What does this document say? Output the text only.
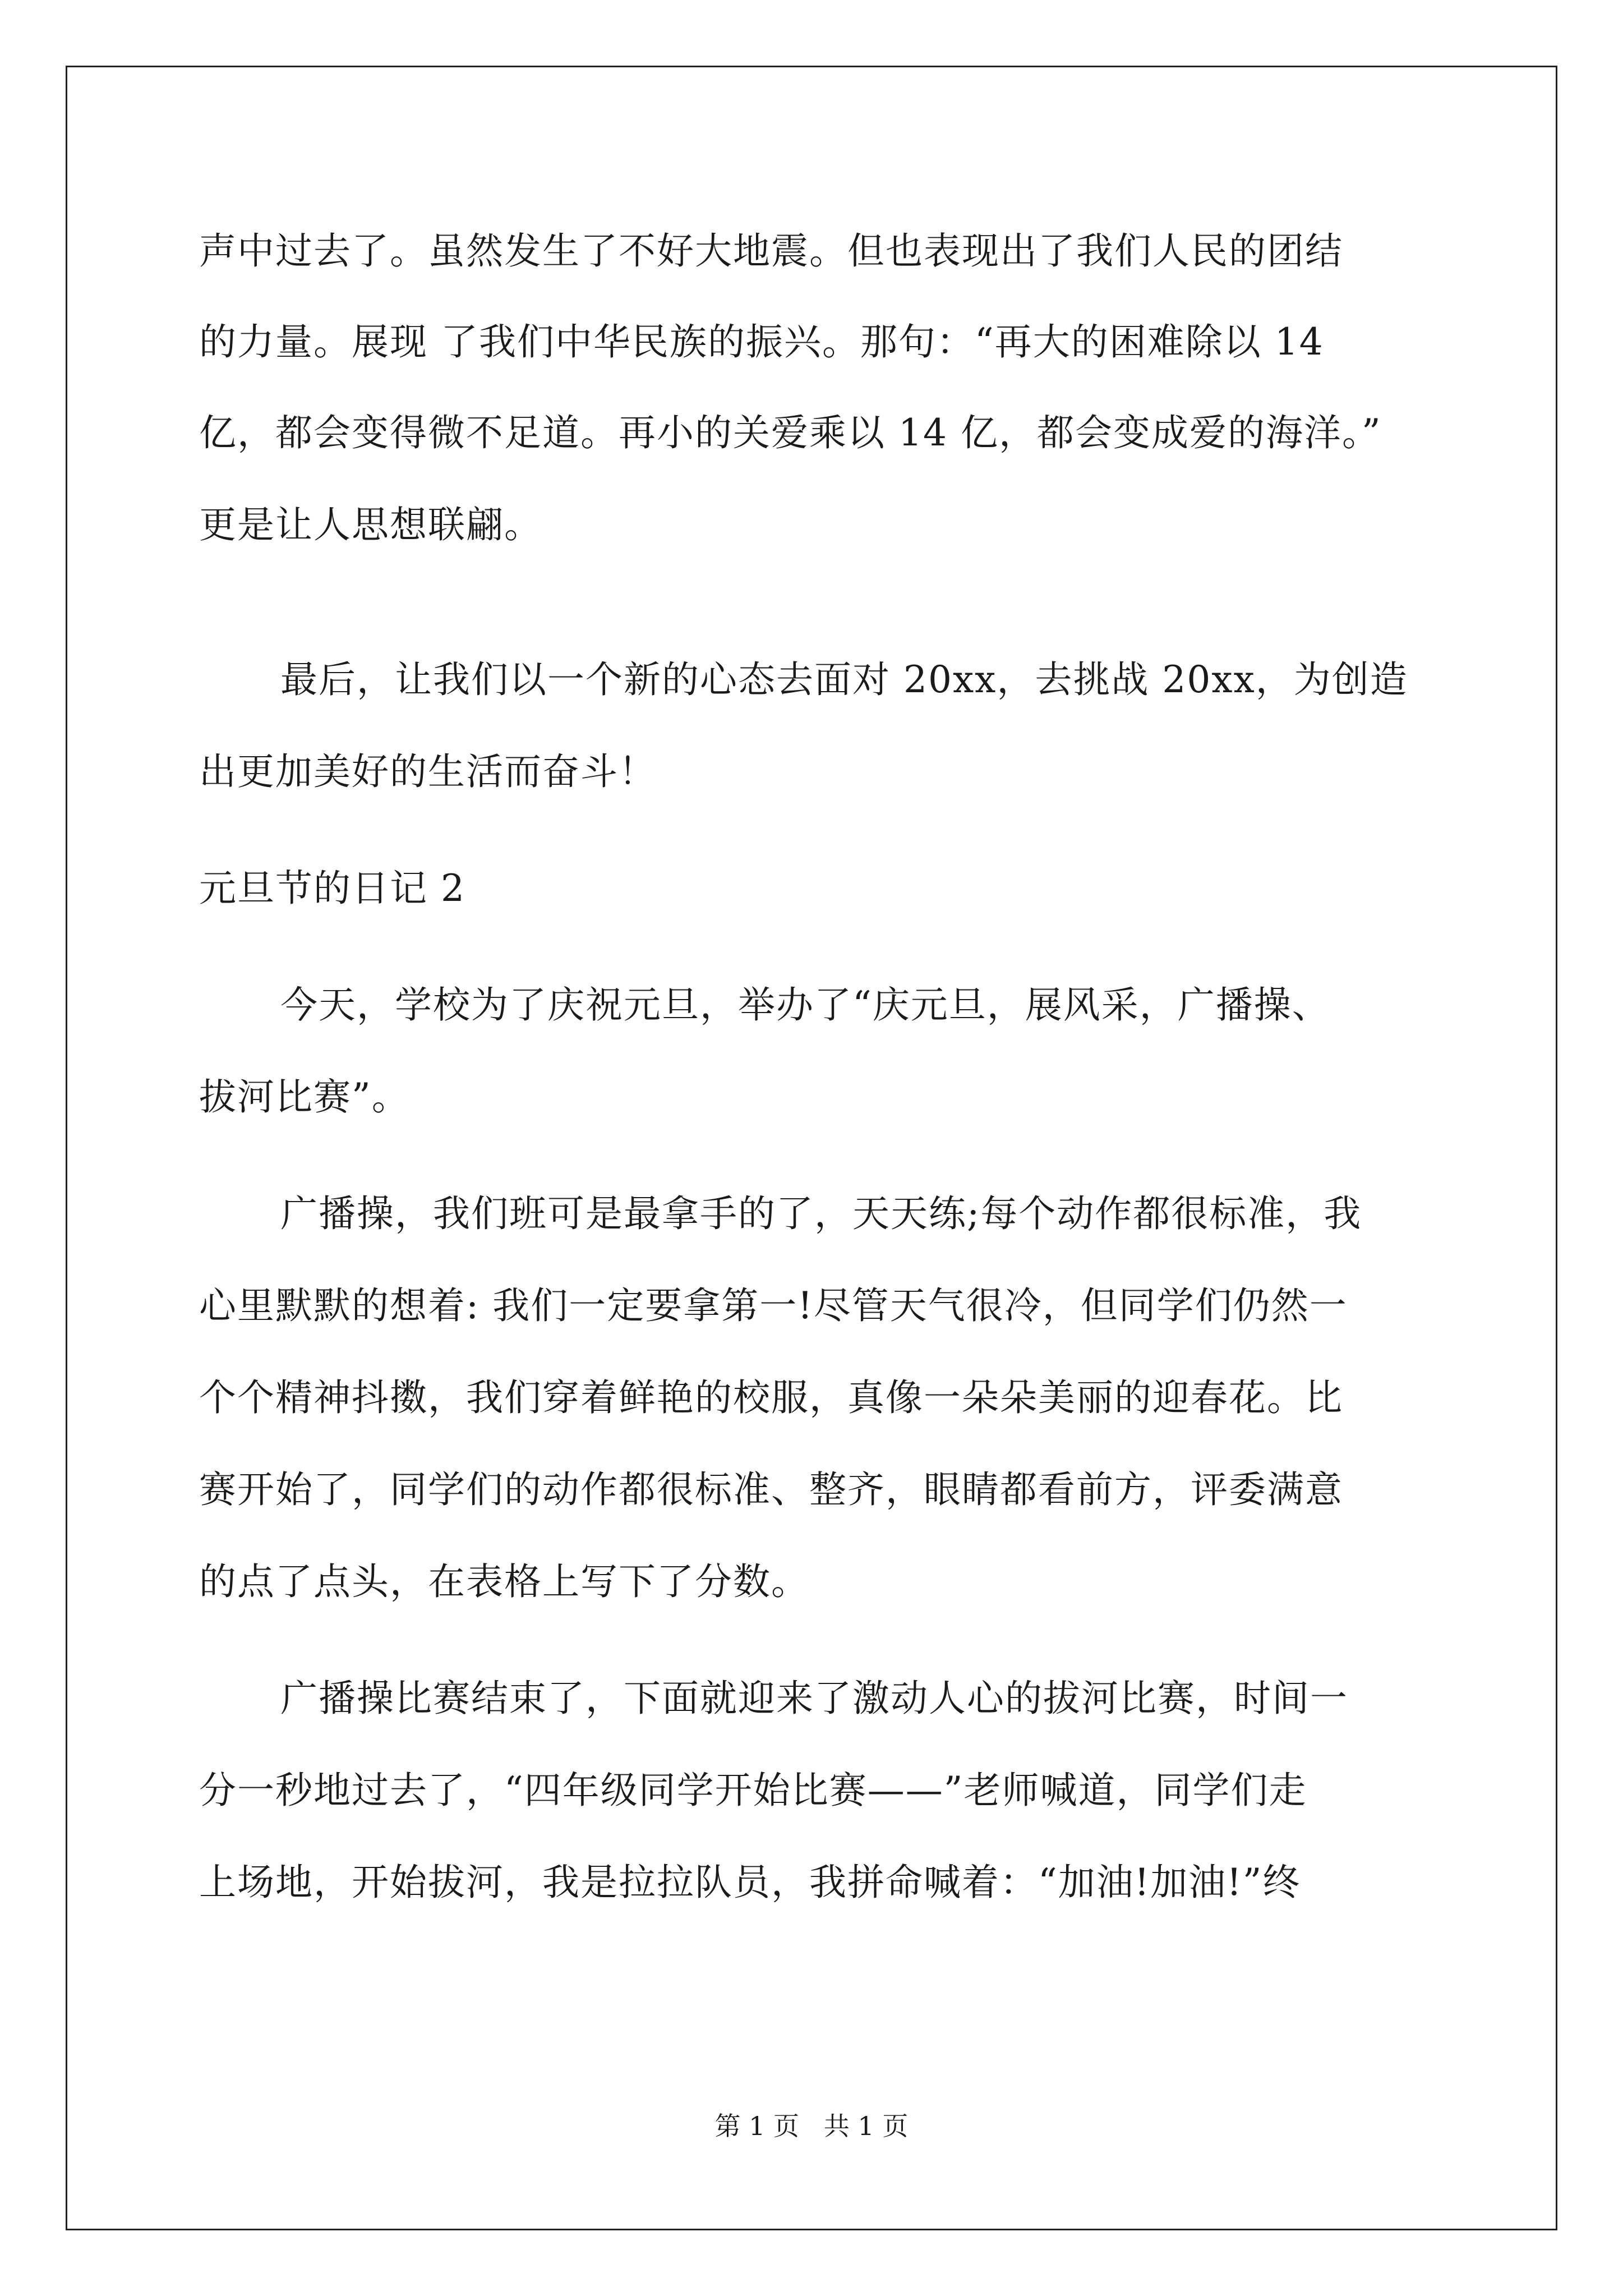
声中过去了。虽然发生了不好大地震。但也表现出了我们人民的团结
的力量。展现 了我们中华民族的振兴。那句：“再大的困难除以 14
亿，都会变得微不足道。再小的关爱乘以 14 亿，都会变成爱的海洋。”
更是让人思想联翩。
最后，让我们以一个新的心态去面对 20xx，去挑战 20xx，为创造
出更加美好的生活而奋斗！
元旦节的日记 2
今天，学校为了庆祝元旦，举办了“庆元旦，展风采，广播操、
拔河比赛”。
广播操，我们班可是最拿手的了，天天练;每个动作都很标准，我
心里默默的想着: 我们一定要拿第一!尽管天气很冷，但同学们仍然一
个个精神抖擞，我们穿着鲜艳的校服，真像一朵朵美丽的迎春花。比
赛开始了，同学们的动作都很标准、整齐，眼睛都看前方，评委满意
的点了点头，在表格上写下了分数。
广播操比赛结束了，下面就迎来了激动人心的拔河比赛，时间一
分一秒地过去了，“四年级同学开始比赛——”老师喊道，同学们走
上场地，开始拔河，我是拉拉队员，我拼命喊着：“加油!加油!”终
第 1 页   共 1 页
